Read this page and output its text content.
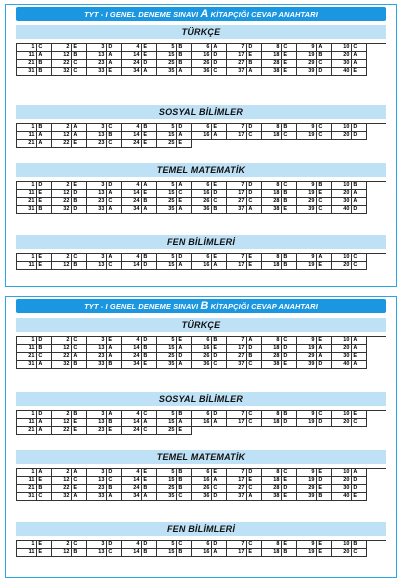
TYT - I GENEL DENEME SINAVI A KİTAPÇIĞI CEVAP ANAHTARI
TÜRKÇE
1 C	2 E	3 D	4 E	5 B	6 A	7 D	8 C	9 A	10 C
11 A	12 B	13 A	14 E	15 B	16 D	17 E	18 E	19 B	20 A
21 B	22 C	23 A	24 D	25 B	26 D	27 B	28 E	29 C	30 A
31 B	32 C	33 E	34 A	35 A	36 C	37 A	38 E	39 D	40 E
SOSYAL BİLİMLER
1 B	2 A	3 C	4 B	5 D	6 E	7 D	8 B	9 C	10 D
11 A	12 A	13 B	14 E	15 A	16 A	17 C	18 C	19 C	20 D
21 A	22 E	23 C	24 E	25 E
TEMEL MATEMATİK
1 D	2 E	3 D	4 A	5 A	6 E	7 D	8 C	9 B	10 B
11 E	12 D	13 A	14 E	15 C	16 D	17 D	18 B	19 E	20 A
21 E	22 B	23 C	24 B	25 E	26 C	27 C	28 B	29 C	30 A
31 B	32 D	33 A	34 A	35 A	36 B	37 A	38 E	39 C	40 D
FEN BİLİMLERİ
1 E	2 C	3 A	4 B	5 D	6 E	7 E	8 B	9 A	10 C
11 E	12 B	13 C	14 D	15 A	16 A	17 E	18 B	19 E	20 C
TYT - I GENEL DENEME SINAVI B KİTAPÇIĞI CEVAP ANAHTARI
TÜRKÇE
1 D	2 C	3 E	4 D	5 E	6 B	7 A	8 C	9 E	10 A
11 B	12 C	13 A	14 B	15 A	16 E	17 D	18 D	19 A	20 A
21 C	22 A	23 A	24 B	25 D	26 D	27 B	28 D	29 A	30 E
31 A	32 B	33 B	34 E	35 A	36 C	37 C	38 E	39 D	40 A
SOSYAL BİLİMLER
1 D	2 B	3 A	4 C	5 B	6 D	7 C	8 B	9 C	10 E
11 A	12 E	13 B	14 A	15 A	16 A	17 C	18 D	19 D	20 C
21 A	22 E	23 E	24 C	25 E
TEMEL MATEMATİK
1 A	2 A	3 D	4 E	5 B	6 E	7 D	8 C	9 E	10 A
11 E	12 C	13 C	14 E	15 B	16 A	17 E	18 E	19 D	20 D
21 B	22 E	23 B	24 B	25 B	26 C	27 C	28 D	29 E	30 D
31 C	32 A	33 A	34 A	35 C	36 D	37 A	38 E	39 B	40 E
FEN BİLİMLERİ
1 E	2 C	3 D	4 D	5 C	6 D	7 C	8 E	9 E	10 B
11 E	12 B	13 C	14 B	15 B	16 A	17 E	18 B	19 E	20 C
